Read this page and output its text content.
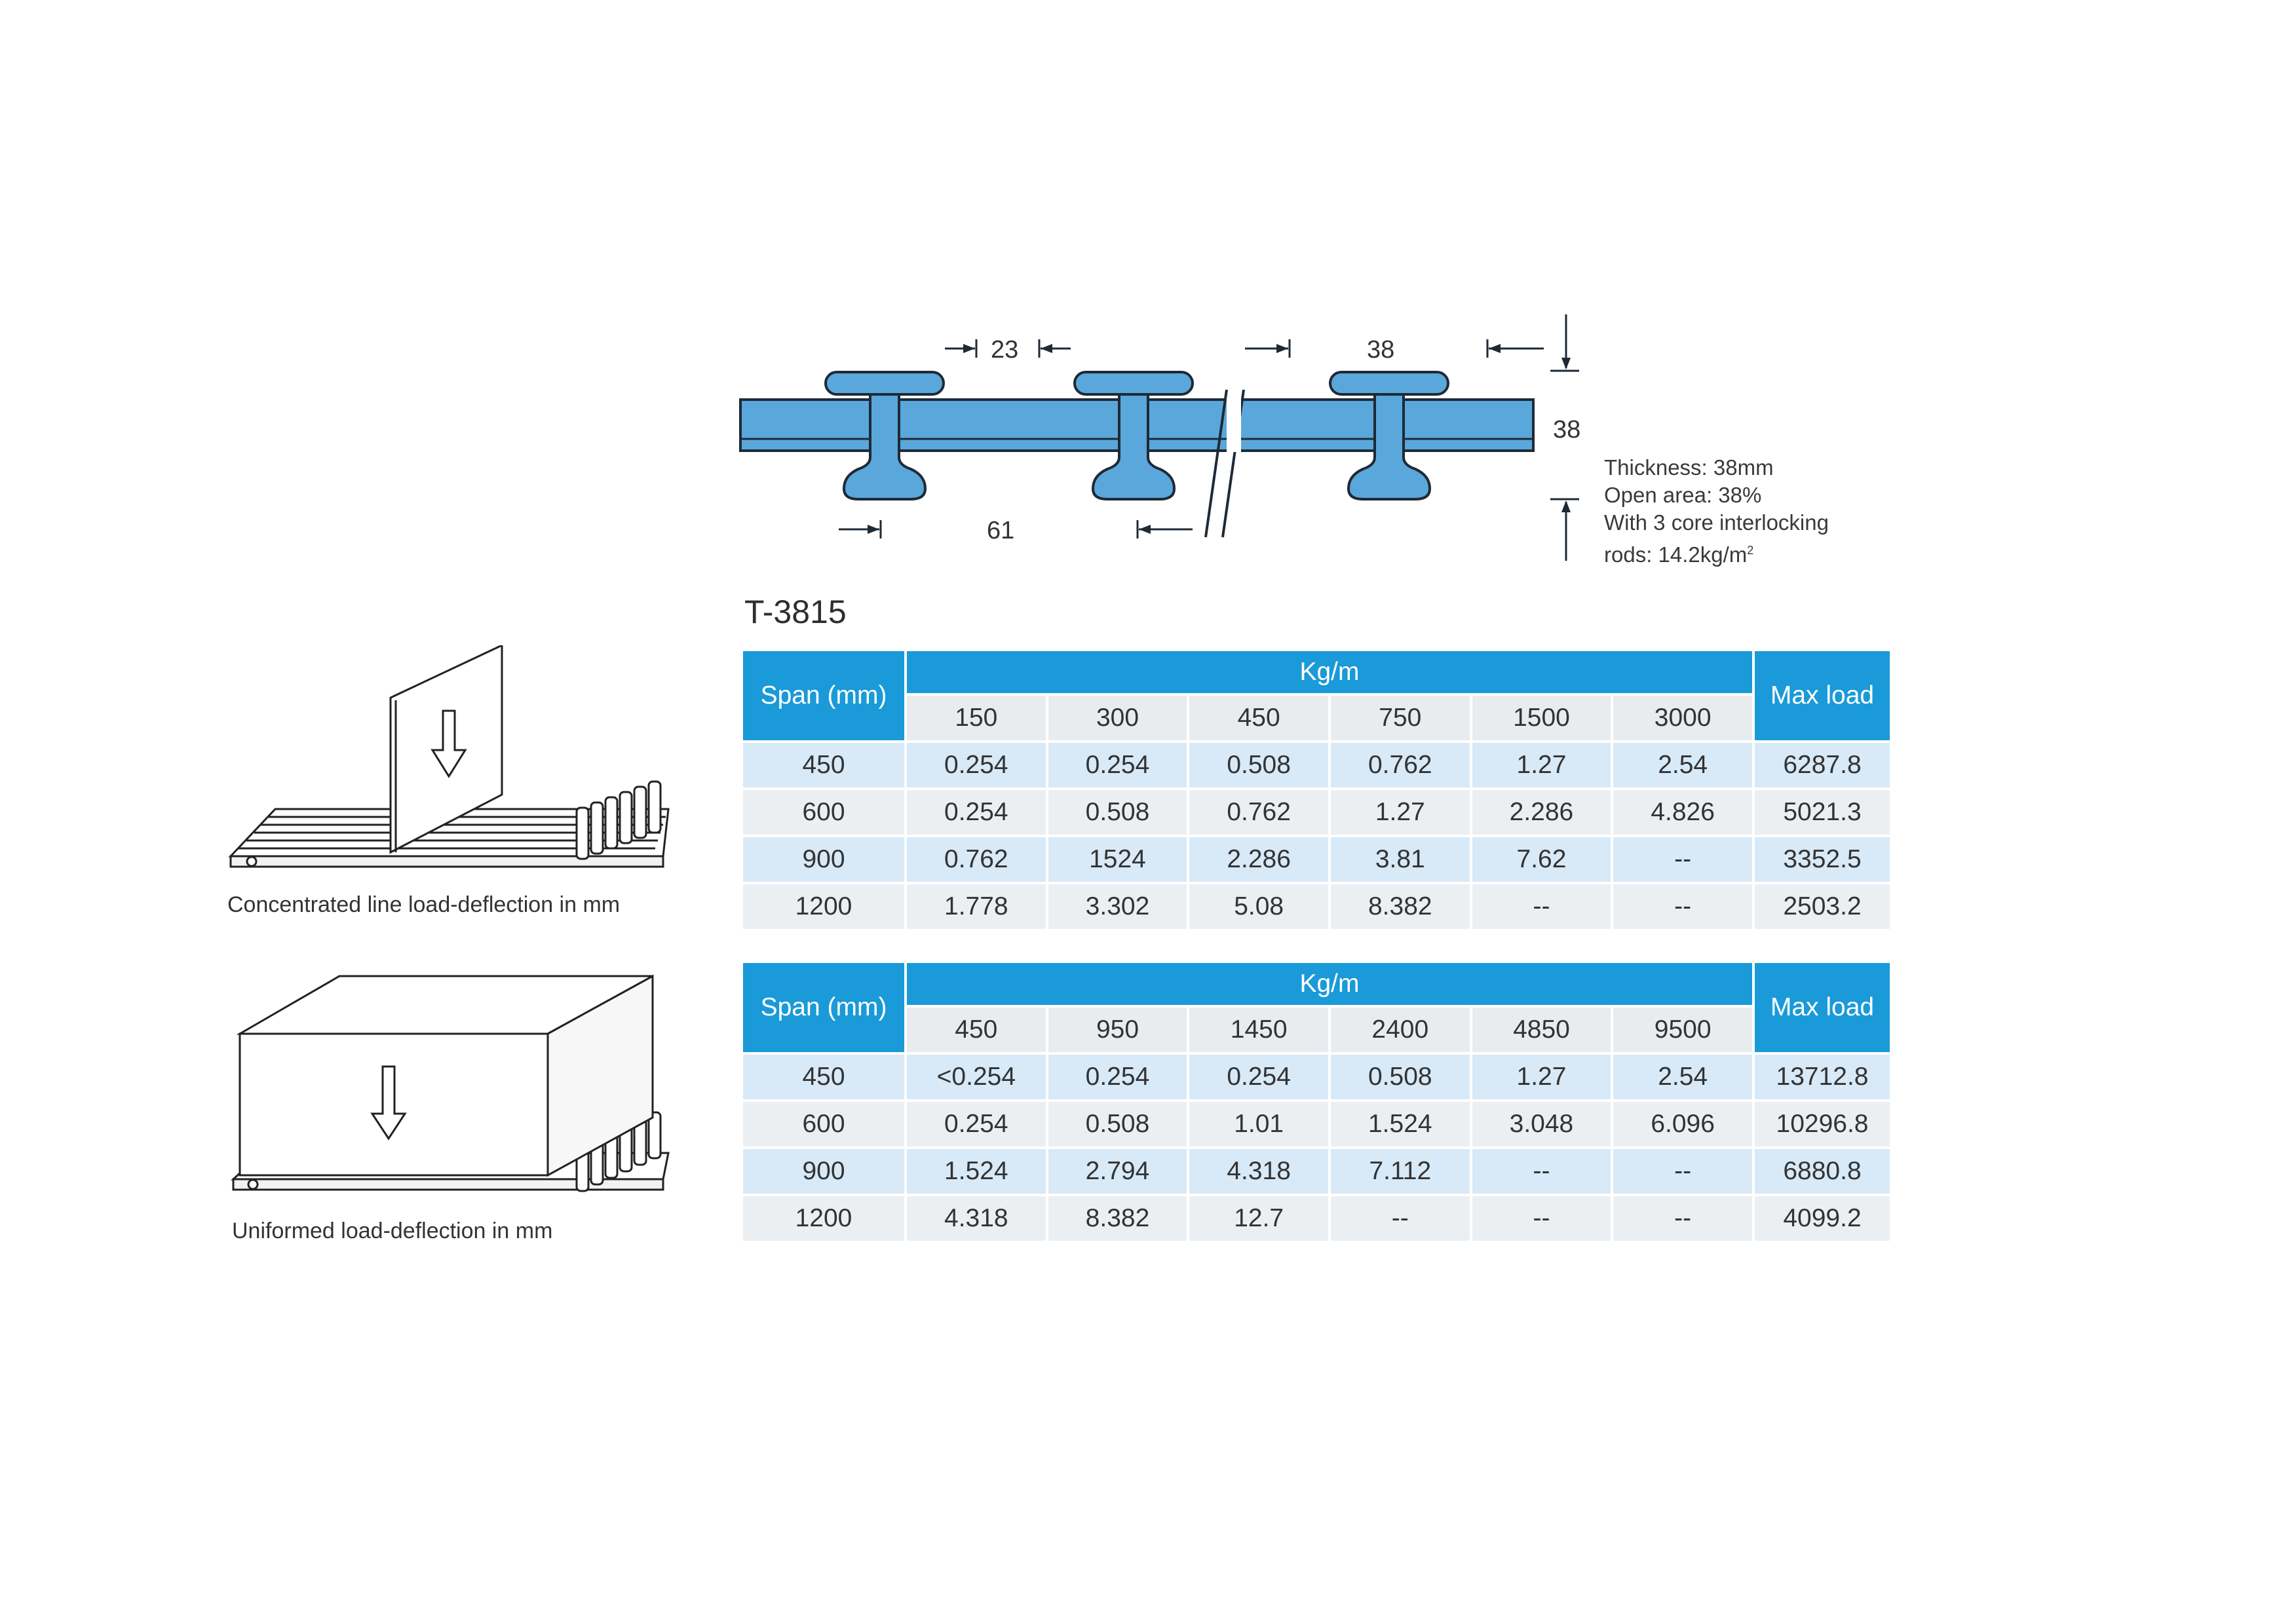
23	38
38
61
Thickness: 38mm
Open area: 38%
With 3 core interlocking
rods: $14.2kg/m^2$
T-3815
Span (mm)	Kg/m						Max load
	150	300	450	750	1500	3000	
450	0.254	0.254	0.508	0.762	1.27	2.54	6287.8
600	0.254	0.508	0.762	1.27	2.286	4.826	5021.3
900	0.762	1524	2.286	3.81	7.62	--	3352.5
1200	1.778	3.302	5.08	8.382	--	--	2503.2
Span (mm)	Kg/m						Max load
	450	950	1450	2400	4850	9500	
450	<0.254	0.254	0.254	0.508	1.27	2.54	13712.8
600	0.254	0.508	1.01	1.524	3.048	6.096	10296.8
900	1.524	2.794	4.318	7.112	--	--	6880.8
1200	4.318	8.382	12.7	--	--	--	4099.2
Concentrated line load-deflection in mm
Uniformed load-deflection in mm
